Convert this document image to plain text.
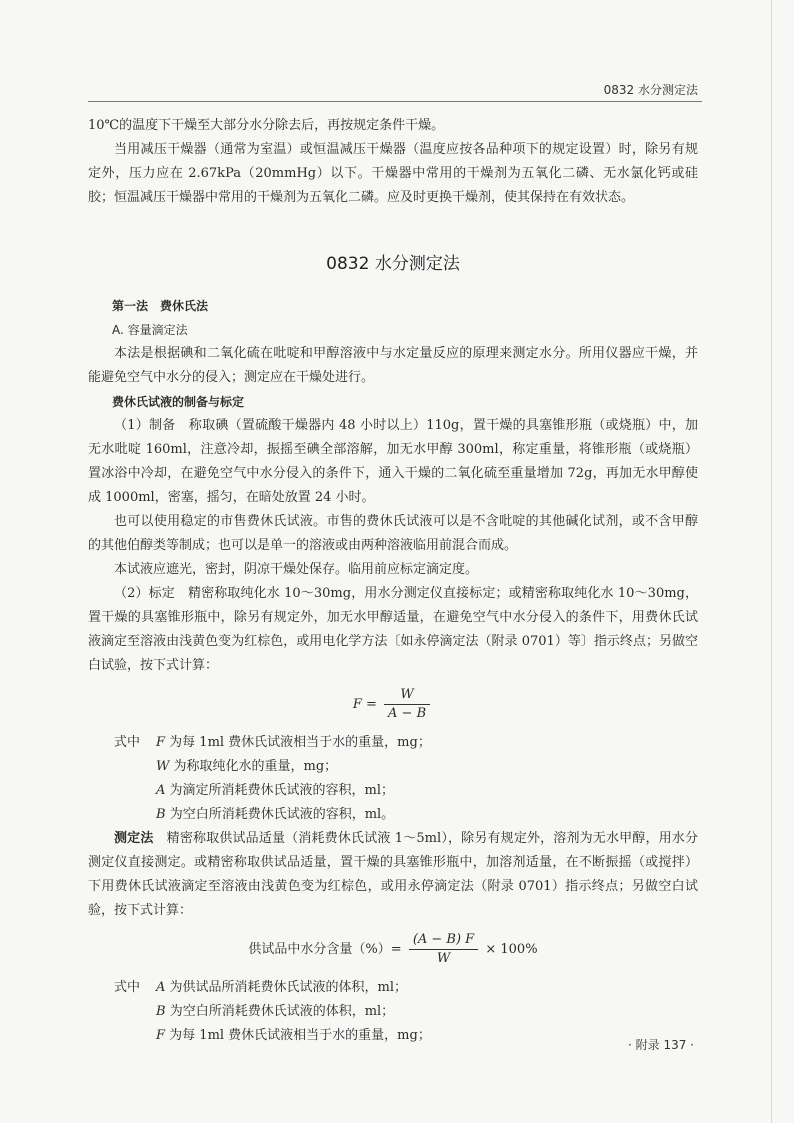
0832 水分测定法

10℃的温度下干燥至大部分水分除去后，再按规定条件干燥。

当用减压干燥器（通常为室温）或恒温减压干燥器（温度应按各品种项下的规定设置）时，除另有规定外，压力应在 2.67kPa（20mmHg）以下。干燥器中常用的干燥剂为五氧化二磷、无水氯化钙或硅胶；恒温减压干燥器中常用的干燥剂为五氧化二磷。应及时更换干燥剂，使其保持在有效状态。

0832 水分测定法

第一法　费休氏法

A. 容量滴定法

本法是根据碘和二氧化硫在吡啶和甲醇溶液中与水定量反应的原理来测定水分。所用仪器应干燥，并能避免空气中水分的侵入；测定应在干燥处进行。

费休氏试液的制备与标定

（1）制备　称取碘（置硫酸干燥器内 48 小时以上）110g，置干燥的具塞锥形瓶（或烧瓶）中，加无水吡啶 160ml，注意冷却，振摇至碘全部溶解，加无水甲醇 300ml，称定重量，将锥形瓶（或烧瓶）置冰浴中冷却，在避免空气中水分侵入的条件下，通入干燥的二氧化硫至重量增加 72g，再加无水甲醇使成 1000ml，密塞，摇匀，在暗处放置 24 小时。

也可以使用稳定的市售费休氏试液。市售的费休氏试液可以是不含吡啶的其他碱化试剂，或不含甲醇的其他伯醇类等制成；也可以是单一的溶液或由两种溶液临用前混合而成。

本试液应遮光，密封，阴凉干燥处保存。临用前应标定滴定度。

（2）标定　精密称取纯化水 10～30mg，用水分测定仪直接标定；或精密称取纯化水 10～30mg，置干燥的具塞锥形瓶中，除另有规定外，加无水甲醇适量，在避免空气中水分侵入的条件下，用费休氏试液滴定至溶液由浅黄色变为红棕色，或用电化学方法〔如永停滴定法（附录 0701）等〕指示终点；另做空白试验，按下式计算：

$F = \frac{W}{A - B}$
式中 F 为每 1ml 费休氏试液相当于水的重量，mg；
W 为称取纯化水的重量，mg；
A 为滴定所消耗费休氏试液的容积，ml；
B 为空白所消耗费休氏试液的容积，ml。

测定法　精密称取供试品适量（消耗费休氏试液 1～5ml），除另有规定外，溶剂为无水甲醇，用水分测定仪直接测定。或精密称取供试品适量，置干燥的具塞锥形瓶中，加溶剂适量，在不断振摇（或搅拌）下用费休氏试液滴定至溶液由浅黄色变为红棕色，或用永停滴定法（附录 0701）指示终点；另做空白试验，按下式计算：

供试品中水分含量（%）= $\frac{(A - B) F}{W} \times 100\%$
式中 A 为供试品所消耗费休氏试液的体积，ml；
B 为空白所消耗费休氏试液的体积，ml；
F 为每 1ml 费休氏试液相当于水的重量，mg；
· 附录 137 ·
